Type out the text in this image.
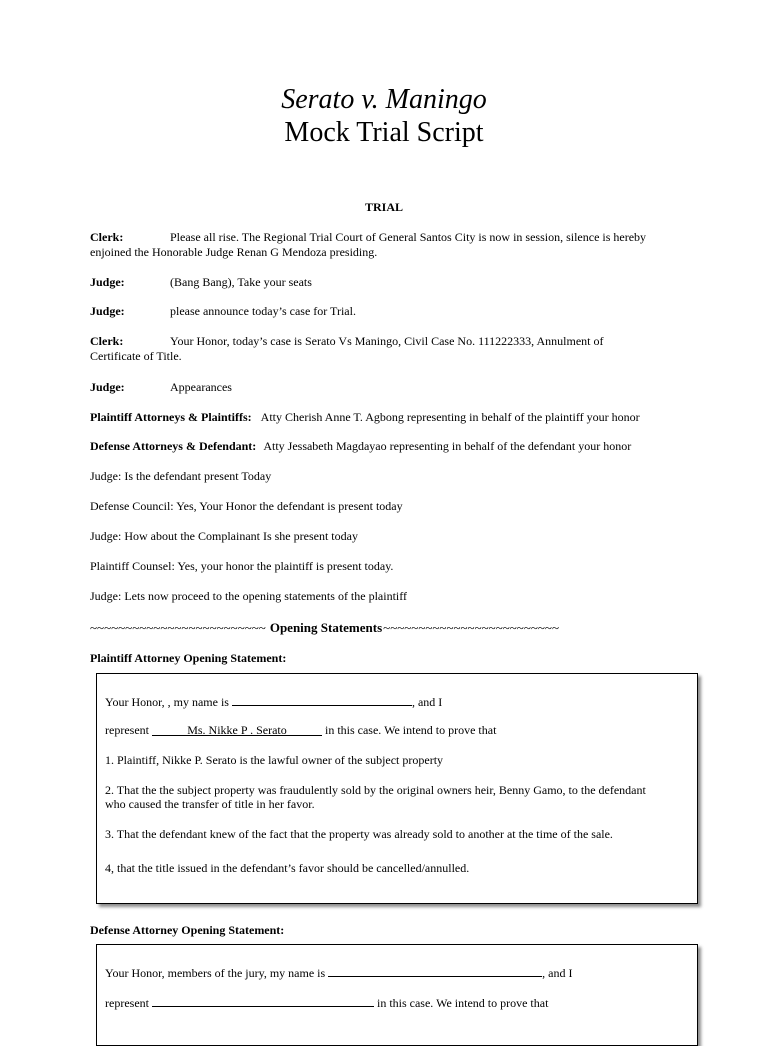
Serato v. Maningo
Mock Trial Script
TRIAL
Clerk:	Please all rise. The Regional Trial Court of General Santos City is now in session, silence is hereby
enjoined the Honorable Judge Renan G Mendoza presiding.
Judge:	(Bang Bang), Take your seats
Judge:	please announce today’s case for Trial.
Clerk:	Your Honor, today’s case is Serato Vs Maningo, Civil Case No. 111222333, Annulment of
Certificate of Title.
Judge:	Appearances
Plaintiff Attorneys & Plaintiffs: Atty Cherish Anne T. Agbong representing in behalf of the plaintiff your honor
Defense Attorneys & Defendant: Atty Jessabeth Magdayao representing in behalf of the defendant your honor
Judge: Is the defendant present Today
Defense Council: Yes, Your Honor the defendant is present today
Judge: How about the Complainant Is she present today
Plaintiff Counsel: Yes, your honor the plaintiff is present today.
Judge: Lets now proceed to the opening statements of the plaintiff
~~~~~~~~~~~~~~~~~~~~~~~~~ Opening Statements~~~~~~~~~~~~~~~~~~~~~~~~~
Plaintiff Attorney Opening Statement:
Your Honor, , my name is	, and I
represent	Ms. Nikke P . Serato	in this case. We intend to prove that
1. Plaintiff, Nikke P. Serato is the lawful owner of the subject property
2. That the the subject property was fraudulently sold by the original owners heir, Benny Gamo, to the defendant
who caused the transfer of title in her favor.
3. That the defendant knew of the fact that the property was already sold to another at the time of the sale.
4, that the title issued in the defendant’s favor should be cancelled/annulled.
Defense Attorney Opening Statement:
Your Honor, members of the jury, my name is	, and I
represent	in this case. We intend to prove that
